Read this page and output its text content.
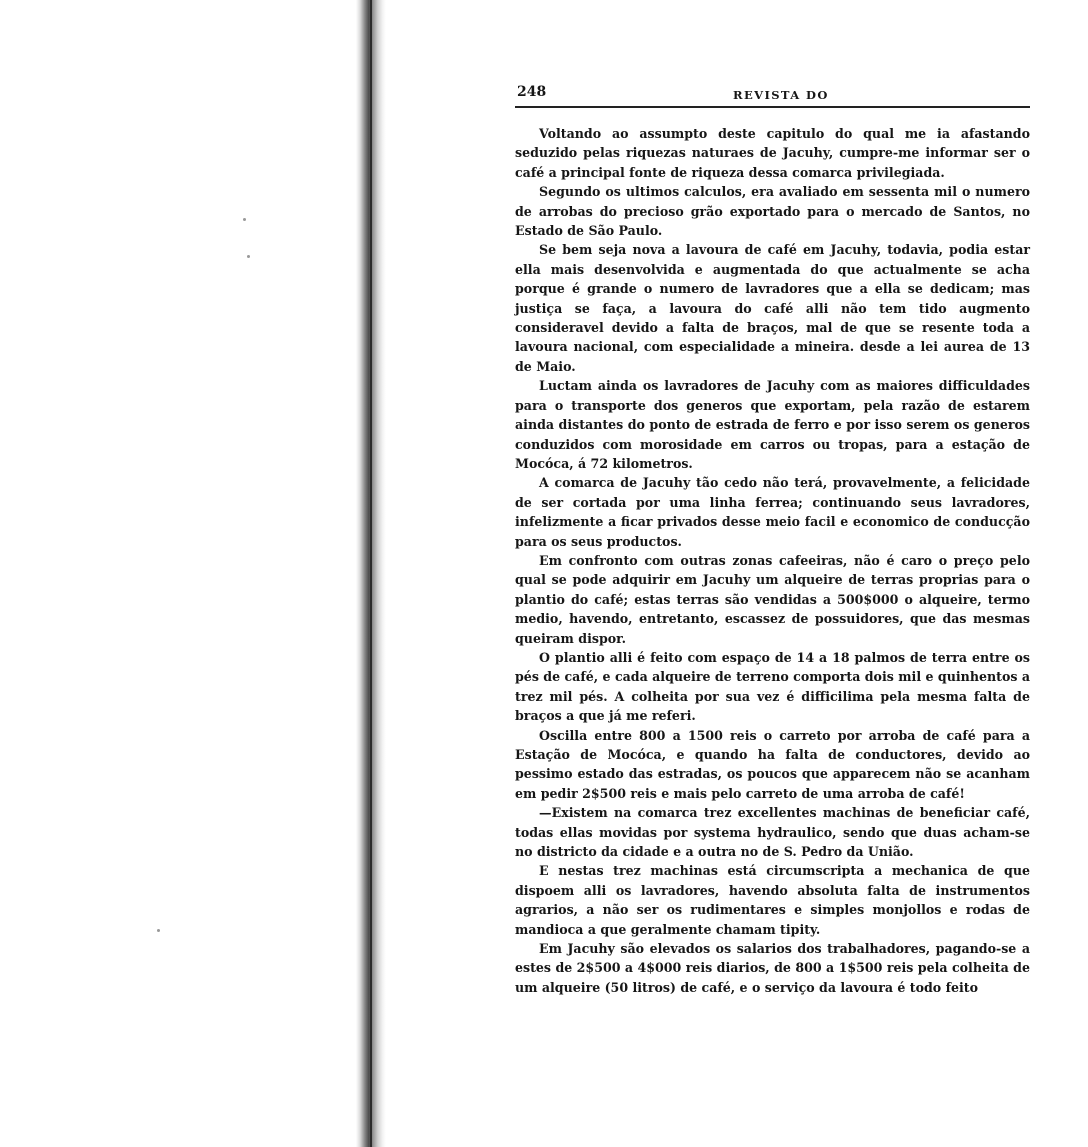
248	REVISTA DO

Voltando ao assumpto deste capitulo do qual me ia afastando seduzido pelas riquezas naturaes de Jacuhy, cumpre-me informar ser o café a principal fonte de riqueza dessa comarca privilegiada.

Segundo os ultimos calculos, era avaliado em sessenta mil o numero de arrobas do precioso grão exportado para o mercado de Santos, no Estado de São Paulo.

Se bem seja nova a lavoura de café em Jacuhy, todavia, podia estar ella mais desenvolvida e augmentada do que actualmente se acha porque é grande o numero de lavradores que a ella se dedicam; mas justiça se faça, a lavoura do café alli não tem tido augmento consideravel devido a falta de braços, mal de que se resente toda a lavoura nacional, com especialidade a mineira. desde a lei aurea de 13 de Maio.

Luctam ainda os lavradores de Jacuhy com as maiores difficuldades para o transporte dos generos que exportam, pela razão de estarem ainda distantes do ponto de estrada de ferro e por isso serem os generos conduzidos com morosidade em carros ou tropas, para a estação de Mocóca, á 72 kilometros.

A comarca de Jacuhy tão cedo não terá, provavelmente, a felicidade de ser cortada por uma linha ferrea; continuando seus lavradores, infelizmente a ficar privados desse meio facil e economico de conducção para os seus productos.

Em confronto com outras zonas cafeeiras, não é caro o preço pelo qual se pode adquirir em Jacuhy um alqueire de terras proprias para o plantio do café; estas terras são vendidas a 500$000 o alqueire, termo medio, havendo, entretanto, escassez de possuidores, que das mesmas queiram dispor.

O plantio alli é feito com espaço de 14 a 18 palmos de terra entre os pés de café, e cada alqueire de terreno comporta dois mil e quinhentos a trez mil pés. A colheita por sua vez é difficilima pela mesma falta de braços a que já me referi.

Oscilla entre 800 a 1500 reis o carreto por arroba de café para a Estação de Mocóca, e quando ha falta de conductores, devido ao pessimo estado das estradas, os poucos que apparecem não se acanham em pedir 2$500 reis e mais pelo carreto de uma arroba de café!

—Existem na comarca trez excellentes machinas de beneficiar café, todas ellas movidas por systema hydraulico, sendo que duas acham-se no districto da cidade e a outra no de S. Pedro da União.

E nestas trez machinas está circumscripta a mechanica de que dispoem alli os lavradores, havendo absoluta falta de instrumentos agrarios, a não ser os rudimentares e simples monjollos e rodas de mandioca a que geralmente chamam tipity.

Em Jacuhy são elevados os salarios dos trabalhadores, pagando-se a estes de 2$500 a 4$000 reis diarios, de 800 a 1$500 reis pela colheita de um alqueire (50 litros) de café, e o serviço da lavoura é todo feito
